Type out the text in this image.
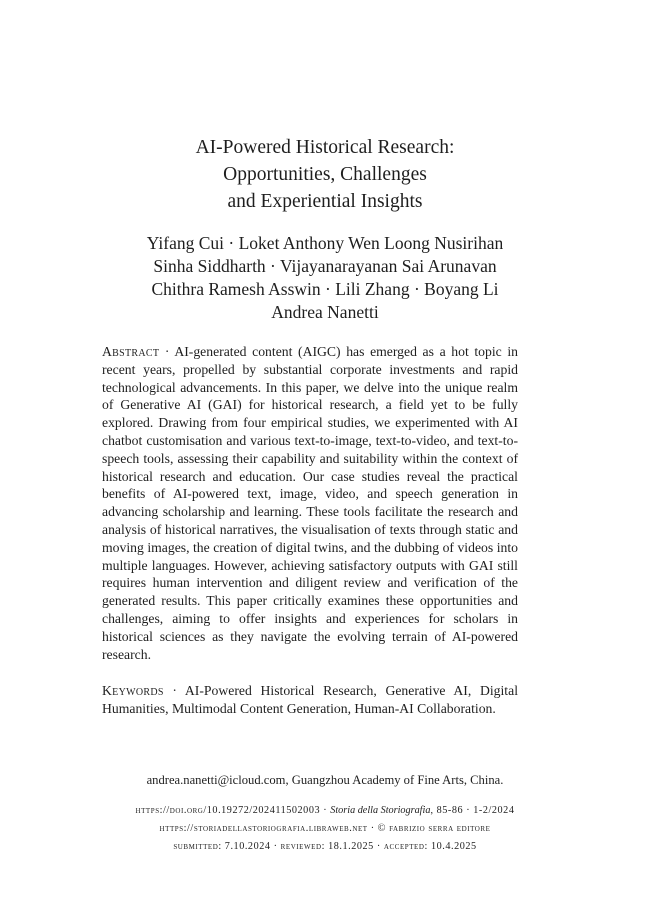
AI-Powered Historical Research:
Opportunities, Challenges
and Experiential Insights
Yifang Cui · Loket Anthony Wen Loong Nusirihan
Sinha Siddharth · Vijayanarayanan Sai Arunavan
Chithra Ramesh Asswin · Lili Zhang · Boyang Li
Andrea Nanetti

Abstract · AI-generated content (AIGC) has emerged as a hot topic in recent years, propelled by substantial corporate investments and rapid technological advancements. In this paper, we delve into the unique realm of Generative AI (GAI) for historical research, a field yet to be fully explored. Drawing from four empirical studies, we experimented with AI chatbot customisation and various text-to-image, text-to-video, and text-to-speech tools, assessing their capability and suitability within the context of historical research and education. Our case studies reveal the practical benefits of AI-powered text, image, video, and speech generation in advancing scholarship and learning. These tools facilitate the research and analysis of historical narratives, the visualisation of texts through static and moving images, the creation of digital twins, and the dubbing of videos into multiple languages. However, achieving satisfactory outputs with GAI still requires human intervention and diligent review and verification of the generated results. This paper critically examines these opportunities and challenges, aiming to offer insights and experiences for scholars in historical sciences as they navigate the evolving terrain of AI-powered research.

Keywords · AI-Powered Historical Research, Generative AI, Digital Humanities, Multimodal Content Generation, Human-AI Collaboration.

andrea.nanetti@icloud.com, Guangzhou Academy of Fine Arts, China.
https://doi.org/10.19272/202411502003 · Storia della Storiografia, 85-86 · 1-2/2024
https://storiadellastoriografia.libraweb.net · © fabrizio serra editore
submitted: 7.10.2024 · reviewed: 18.1.2025 · accepted: 10.4.2025
